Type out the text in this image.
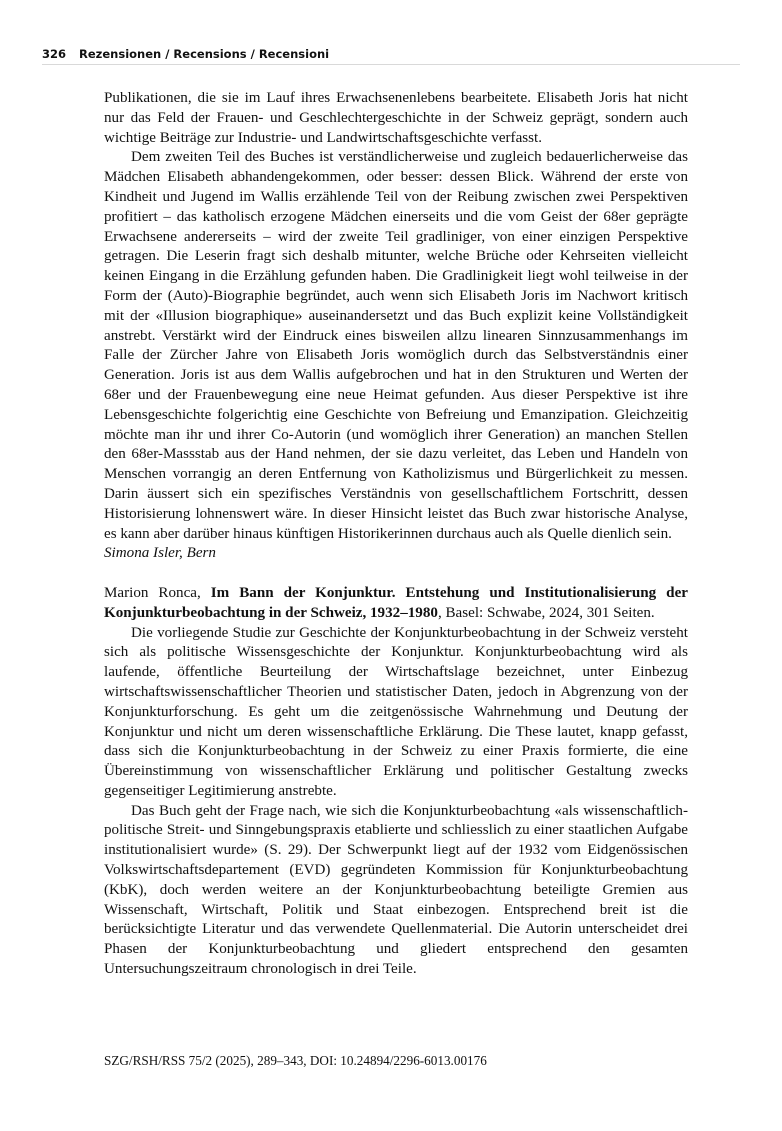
326 Rezensionen / Recensions / Recensioni

Publikationen, die sie im Lauf ihres Erwachsenenlebens bearbeitete. Elisabeth Joris hat nicht nur das Feld der Frauen- und Geschlechtergeschichte in der Schweiz geprägt, sondern auch wichtige Beiträge zur Industrie- und Landwirtschaftsgeschichte verfasst.

Dem zweiten Teil des Buches ist verständlicherweise und zugleich bedauerlicherweise das Mädchen Elisabeth abhandengekommen, oder besser: dessen Blick. Während der erste von Kindheit und Jugend im Wallis erzählende Teil von der Reibung zwischen zwei Perspektiven profitiert – das katholisch erzogene Mädchen einerseits und die vom Geist der 68er geprägte Erwachsene andererseits – wird der zweite Teil gradliniger, von einer einzigen Perspektive getragen. Die Leserin fragt sich deshalb mitunter, welche Brüche oder Kehrseiten vielleicht keinen Eingang in die Erzählung gefunden haben. Die Gradlinigkeit liegt wohl teilweise in der Form der (Auto)-Biographie begründet, auch wenn sich Elisabeth Joris im Nachwort kritisch mit der «Illusion biographique» auseinandersetzt und das Buch explizit keine Vollständigkeit anstrebt. Verstärkt wird der Eindruck eines bisweilen allzu linearen Sinnzusammenhangs im Falle der Zürcher Jahre von Elisabeth Joris womöglich durch das Selbstverständnis einer Generation. Joris ist aus dem Wallis aufgebrochen und hat in den Strukturen und Werten der 68er und der Frauenbewegung eine neue Heimat gefunden. Aus dieser Perspektive ist ihre Lebensgeschichte folgerichtig eine Geschichte von Befreiung und Emanzipation. Gleichzeitig möchte man ihr und ihrer Co-Autorin (und womöglich ihrer Generation) an manchen Stellen den 68er-Massstab aus der Hand nehmen, der sie dazu verleitet, das Leben und Handeln von Menschen vorrangig an deren Entfernung von Katholizismus und Bürgerlichkeit zu messen. Darin äussert sich ein spezifisches Verständnis von gesellschaftlichem Fortschritt, dessen Historisierung lohnenswert wäre. In dieser Hinsicht leistet das Buch zwar historische Analyse, es kann aber darüber hinaus künftigen Historikerinnen durchaus auch als Quelle dienlich sein.

Simona Isler, Bern

Marion Ronca, Im Bann der Konjunktur. Entstehung und Institutionalisierung der Konjunkturbeobachtung in der Schweiz, 1932–1980, Basel: Schwabe, 2024, 301 Seiten.

Die vorliegende Studie zur Geschichte der Konjunkturbeobachtung in der Schweiz versteht sich als politische Wissensgeschichte der Konjunktur. Konjunkturbeobachtung wird als laufende, öffentliche Beurteilung der Wirtschaftslage bezeichnet, unter Einbezug wirtschaftswissenschaftlicher Theorien und statistischer Daten, jedoch in Abgrenzung von der Konjunkturforschung. Es geht um die zeitgenössische Wahrnehmung und Deutung der Konjunktur und nicht um deren wissenschaftliche Erklärung. Die These lautet, knapp gefasst, dass sich die Konjunkturbeobachtung in der Schweiz zu einer Praxis formierte, die eine Übereinstimmung von wissenschaftlicher Erklärung und politischer Gestaltung zwecks gegenseitiger Legitimierung anstrebte.

Das Buch geht der Frage nach, wie sich die Konjunkturbeobachtung «als wissenschaftlich-politische Streit- und Sinngebungspraxis etablierte und schliesslich zu einer staatlichen Aufgabe institutionalisiert wurde» (S. 29). Der Schwerpunkt liegt auf der 1932 vom Eidgenössischen Volkswirtschaftsdepartement (EVD) gegründeten Kommission für Konjunkturbeobachtung (KbK), doch werden weitere an der Konjunkturbeobachtung beteiligte Gremien aus Wissenschaft, Wirtschaft, Politik und Staat einbezogen. Entsprechend breit ist die berücksichtigte Literatur und das verwendete Quellenmaterial. Die Autorin unterscheidet drei Phasen der Konjunkturbeobachtung und gliedert entsprechend den gesamten Untersuchungszeitraum chronologisch in drei Teile.

SZG/RSH/RSS 75/2 (2025), 289–343, DOI: 10.24894/2296-6013.00176
